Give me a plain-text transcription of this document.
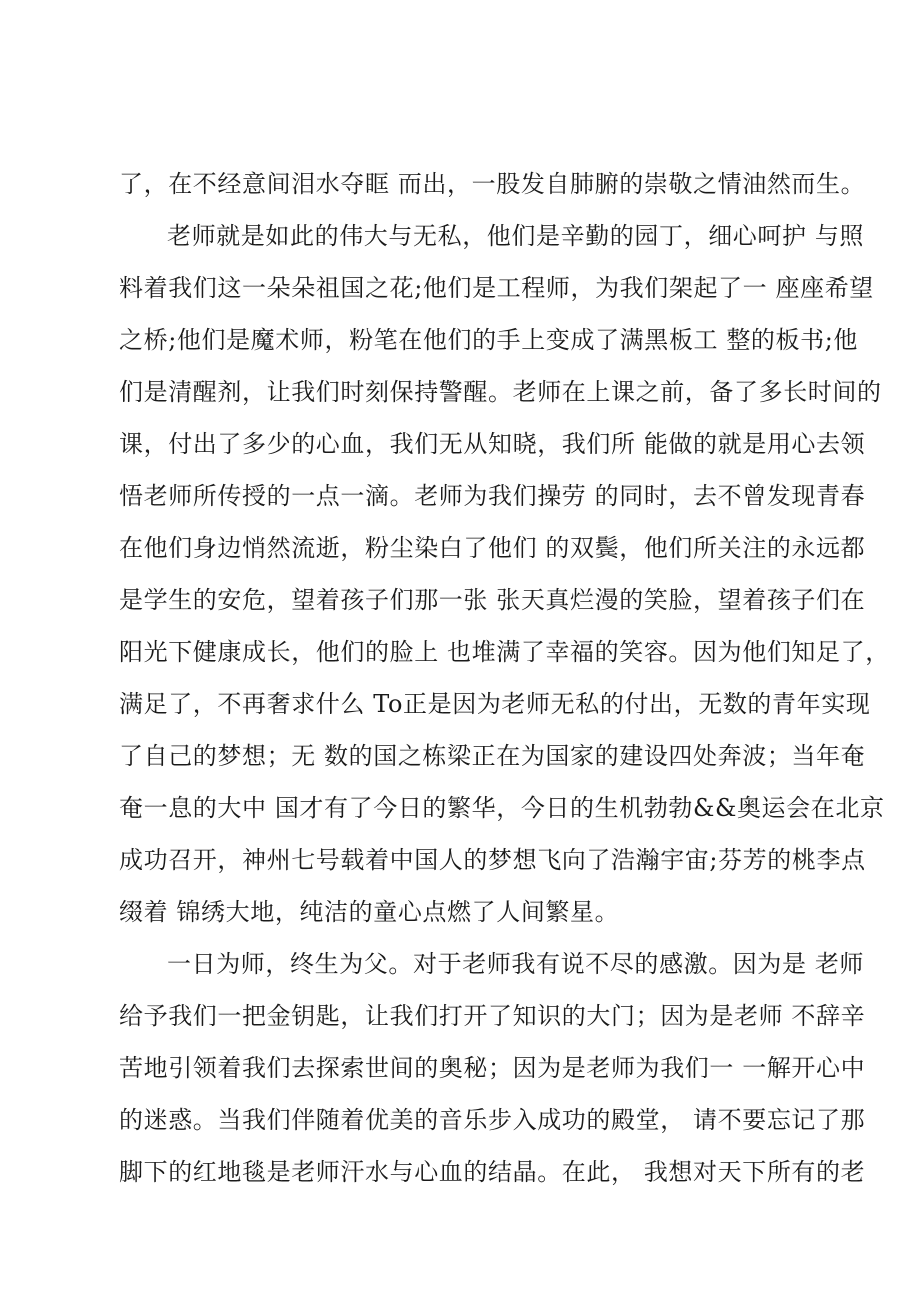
了，在不经意间泪水夺眶 而出，一股发自肺腑的崇敬之情油然而生。
老师就是如此的伟大与无私，他们是辛勤的园丁，细心呵护 与照
料着我们这一朵朵祖国之花;他们是工程师，为我们架起了一 座座希望
之桥;他们是魔术师，粉笔在他们的手上变成了满黑板工 整的板书;他
们是清醒剂，让我们时刻保持警醒。老师在上课之前，备了多长时间的
课，付出了多少的心血，我们无从知晓，我们所 能做的就是用心去领
悟老师所传授的一点一滴。老师为我们操劳 的同时，去不曾发现青春
在他们身边悄然流逝，粉尘染白了他们 的双鬓，他们所关注的永远都
是学生的安危，望着孩子们那一张 张天真烂漫的笑脸，望着孩子们在
阳光下健康成长，他们的脸上 也堆满了幸福的笑容。因为他们知足了，
满足了，不再奢求什么 To正是因为老师无私的付出，无数的青年实现
了自己的梦想；无 数的国之栋梁正在为国家的建设四处奔波；当年奄
奄一息的大中 国才有了今日的繁华，今日的生机勃勃&&奥运会在北京
成功召开，神州七号载着中国人的梦想飞向了浩瀚宇宙;芬芳的桃李点
缀着 锦绣大地，纯洁的童心点燃了人间繁星。
一日为师，终生为父。对于老师我有说不尽的感激。因为是 老师
给予我们一把金钥匙，让我们打开了知识的大门；因为是老师 不辞辛
苦地引领着我们去探索世间的奥秘；因为是老师为我们一 一解开心中
的迷惑。当我们伴随着优美的音乐步入成功的殿堂， 请不要忘记了那
脚下的红地毯是老师汗水与心血的结晶。在此， 我想对天下所有的老
